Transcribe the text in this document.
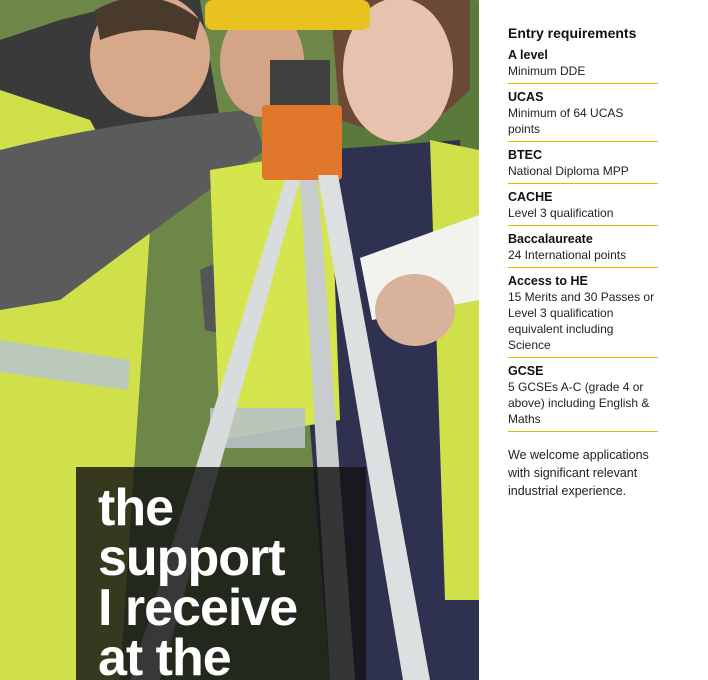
the
support
I receive
at the
Entry requirements
A level
Minimum DDE
UCAS
Minimum of 64 UCAS points
BTEC
National Diploma MPP
CACHE
Level 3 qualification
Baccalaureate
24 International points
Access to HE
15 Merits and 30 Passes or Level 3 qualification equivalent including Science
GCSE
5 GCSEs A-C (grade 4 or above) including English & Maths
We welcome applications with significant relevant industrial experience.
